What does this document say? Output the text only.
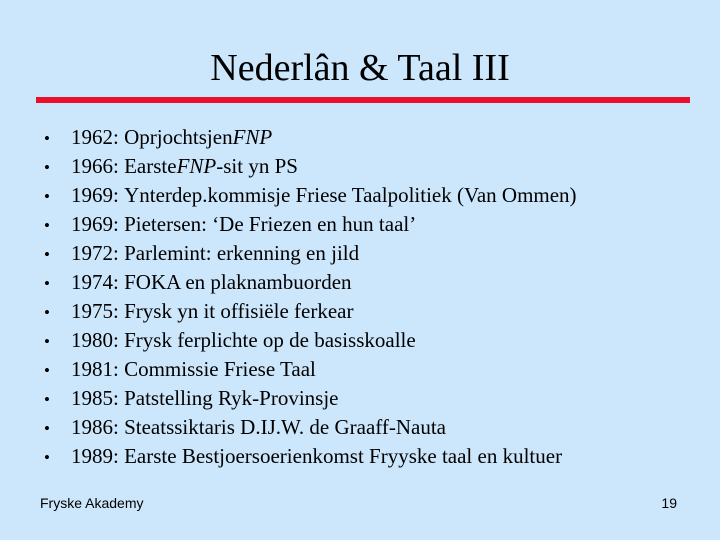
Nederlân & Taal III
•	1962:
Oprjochtsjen FNP
•	1966:
Earste FNP -sit yn PS
•	1969:
Ynterdep.kommisje Friese Taalpolitiek (Van Ommen)
•	1969:
Pietersen: ‘De Friezen en hun taal’
•	1972:
Parlemint: erkenning en jild
•	1974:
FOKA en plaknambuorden
•	1975:
Frysk yn it offisiële ferkear
•	1980:
Frysk ferplichte op de basisskoalle
•	1981:
Commissie Friese Taal
•	1985:
Patstelling Ryk-Provinsje
•	1986:
Steatssiktaris D.IJ.W. de Graaff-Nauta
•	1989:
Earste Bestjoersoerienkomst Fryyske taal en kultuer
Fryske Akademy	19
